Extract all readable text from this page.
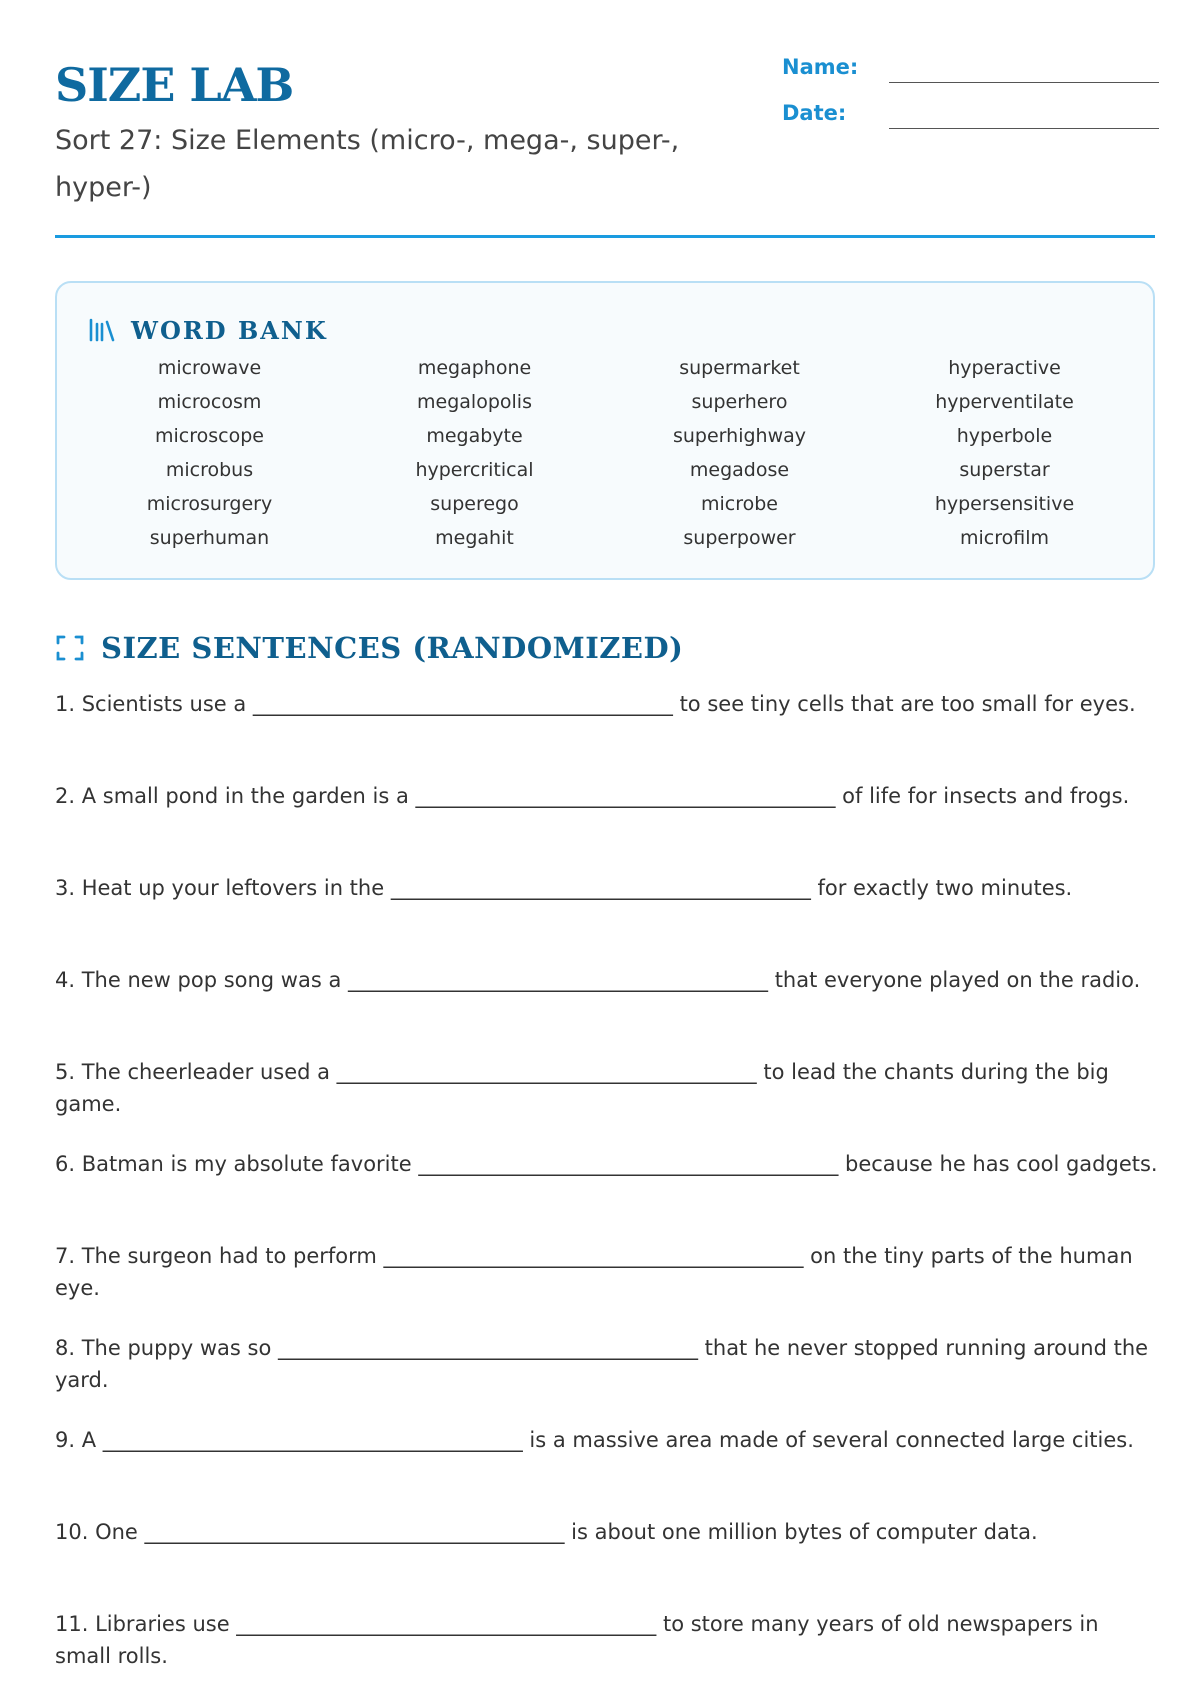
SIZE LAB
Sort 27: Size Elements (micro-, mega-, super-, hyper-)
Name:
Date:
WORD BANK
microwave	megaphone	supermarket	hyperactive
microcosm	megalopolis	superhero	hyperventilate
microscope	megabyte	superhighway	hyperbole
microbus	hypercritical	megadose	superstar
microsurgery	superego	microbe	hypersensitive
superhuman	megahit	superpower	microfilm
SIZE SENTENCES (RANDOMIZED)
1. Scientists use a ________________________________________ to see tiny cells that are too small for eyes.
2. A small pond in the garden is a ________________________________________ of life for insects and frogs.
3. Heat up your leftovers in the ________________________________________ for exactly two minutes.
4. The new pop song was a ________________________________________ that everyone played on the radio.
5. The cheerleader used a ________________________________________ to lead the chants during the big game.
6. Batman is my absolute favorite ________________________________________ because he has cool gadgets.
7. The surgeon had to perform ________________________________________ on the tiny parts of the human eye.
8. The puppy was so ________________________________________ that he never stopped running around the yard.
9. A ________________________________________ is a massive area made of several connected large cities.
10. One ________________________________________ is about one million bytes of computer data.
11. Libraries use ________________________________________ to store many years of old newspapers in small rolls.
